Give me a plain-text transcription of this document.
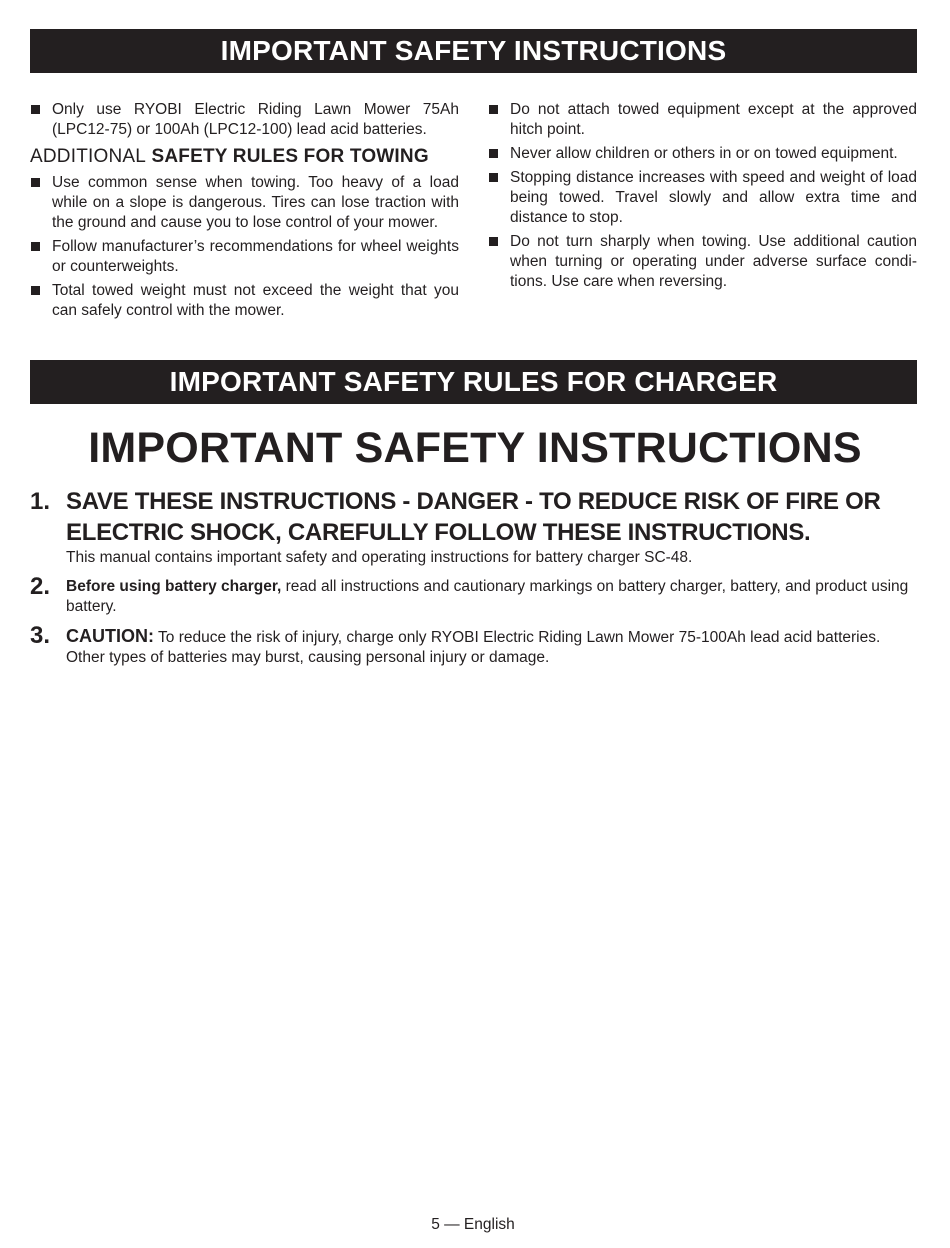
IMPORTANT SAFETY INSTRUCTIONS
Only use RYOBI Electric Riding Lawn Mower 75Ah (LPC12-75) or 100Ah (LPC12-100) lead acid batteries.
ADDITIONAL SAFETY RULES FOR TOWING
Use common sense when towing. Too heavy of a load while on a slope is dangerous. Tires can lose traction with the ground and cause you to lose control of your mower.
Follow manufacturer’s recommendations for wheel weights or counterweights.
Total towed weight must not exceed the weight that you can safely control with the mower.
Do not attach towed equipment except at the approved hitch point.
Never allow children or others in or on towed equipment.
Stopping distance increases with speed and weight of load being towed. Travel slowly and allow extra time and distance to stop.
Do not turn sharply when towing. Use additional caution when turning or operating under adverse surface condi-tions. Use care when reversing.
IMPORTANT SAFETY RULES FOR CHARGER
IMPORTANT SAFETY INSTRUCTIONS
1. SAVE THESE INSTRUCTIONS - DANGER - TO REDUCE RISK OF FIRE OR ELECTRIC SHOCK, CAREFULLY FOLLOW THESE INSTRUCTIONS.
This manual contains important safety and operating instructions for battery charger SC-48.
2. Before using battery charger, read all instructions and cautionary markings on battery charger, battery, and product using battery.
3. CAUTION: To reduce the risk of injury, charge only RYOBI Electric Riding Lawn Mower 75-100Ah lead acid batteries. Other types of batteries may burst, causing personal injury or damage.
5 — English
